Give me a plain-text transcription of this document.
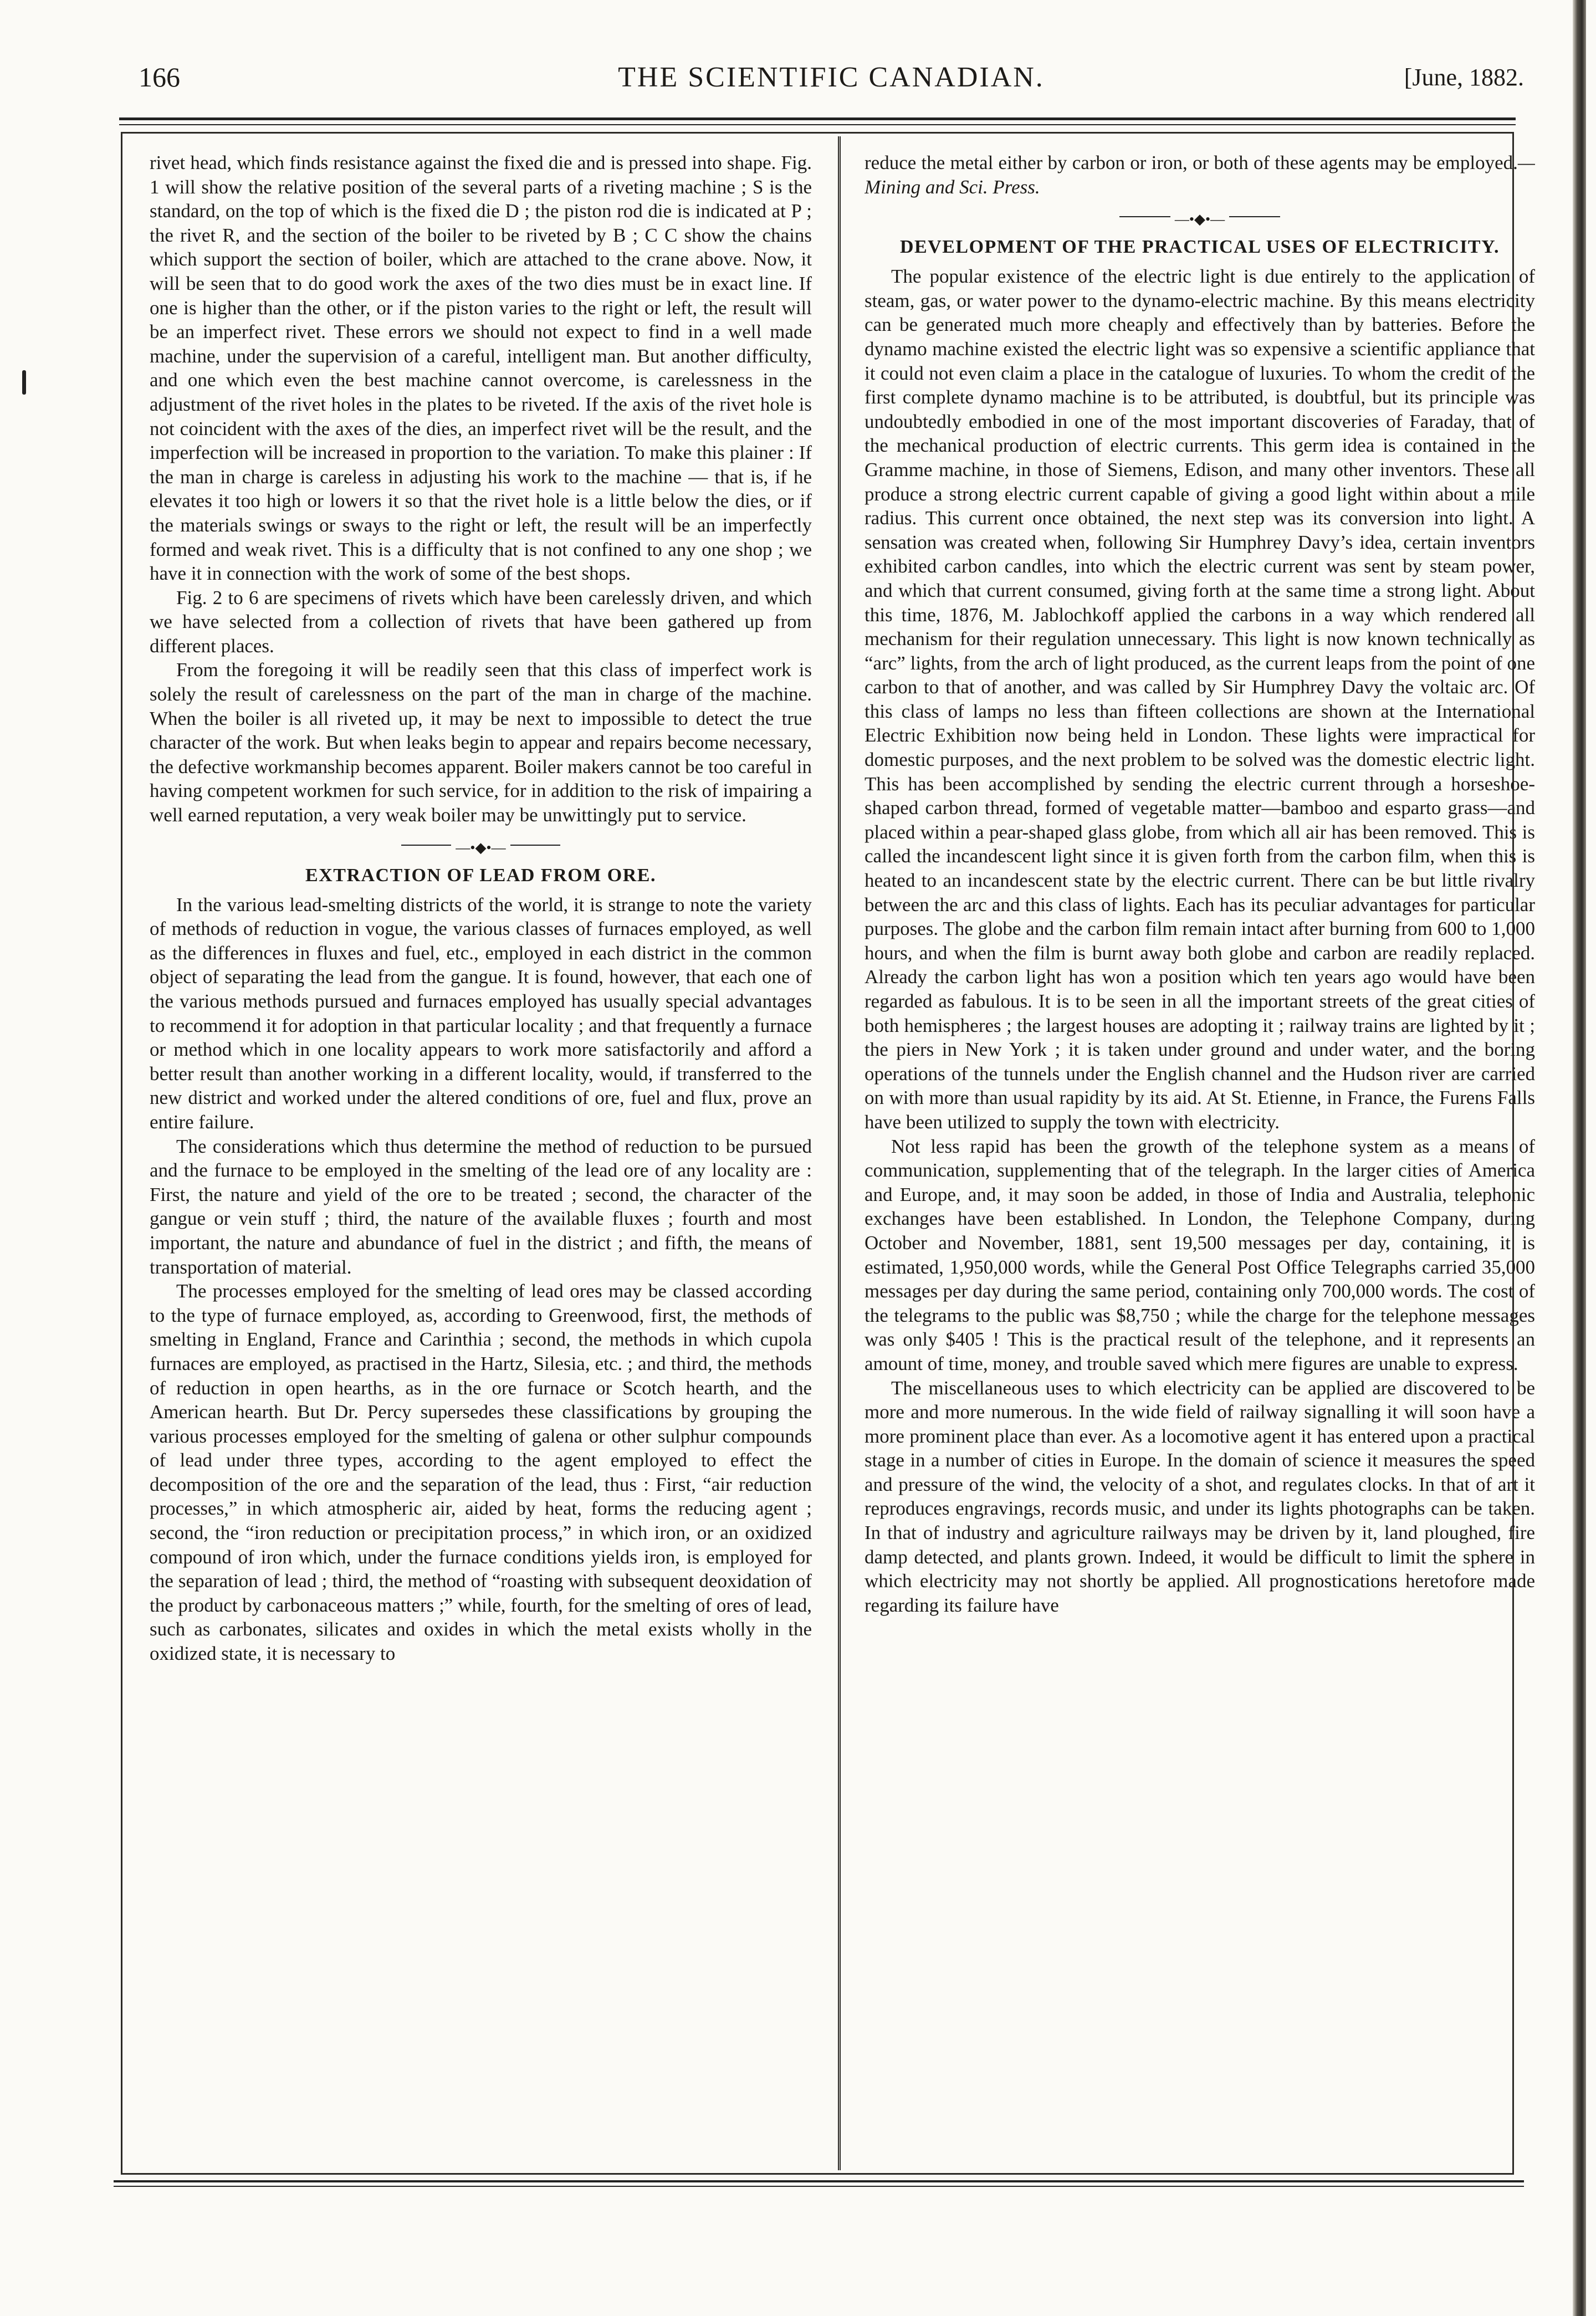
166	THE SCIENTIFIC CANADIAN.	[June, 1882.

rivet head, which finds resistance against the fixed die and is pressed into shape. Fig. 1 will show the relative position of the several parts of a riveting machine ; S is the standard, on the top of which is the fixed die D ; the piston rod die is indicated at P ; the rivet R, and the section of the boiler to be riveted by B ; C C show the chains which support the section of boiler, which are attached to the crane above. Now, it will be seen that to do good work the axes of the two dies must be in exact line. If one is higher than the other, or if the piston varies to the right or left, the result will be an imperfect rivet. These errors we should not expect to find in a well made machine, under the supervision of a careful, intelligent man. But another difficulty, and one which even the best machine cannot overcome, is carelessness in the adjustment of the rivet holes in the plates to be riveted. If the axis of the rivet hole is not coincident with the axes of the dies, an imperfect rivet will be the result, and the imperfection will be increased in proportion to the variation. To make this plainer : If the man in charge is careless in adjusting his work to the machine — that is, if he elevates it too high or lowers it so that the rivet hole is a little below the dies, or if the materials swings or sways to the right or left, the result will be an imperfectly formed and weak rivet. This is a difficulty that is not confined to any one shop ; we have it in connection with the work of some of the best shops.

Fig. 2 to 6 are specimens of rivets which have been carelessly driven, and which we have selected from a collection of rivets that have been gathered up from different places.

From the foregoing it will be readily seen that this class of imperfect work is solely the result of carelessness on the part of the man in charge of the machine. When the boiler is all riveted up, it may be next to impossible to detect the true character of the work. But when leaks begin to appear and repairs become necessary, the defective workmanship becomes apparent. Boiler makers cannot be too careful in having competent workmen for such service, for in addition to the risk of impairing a well earned reputation, a very weak boiler may be unwittingly put to service.

—•◆•—
EXTRACTION OF LEAD FROM ORE.

In the various lead-smelting districts of the world, it is strange to note the variety of methods of reduction in vogue, the various classes of furnaces employed, as well as the differences in fluxes and fuel, etc., employed in each district in the common object of separating the lead from the gangue. It is found, however, that each one of the various methods pursued and furnaces employed has usually special advantages to recommend it for adoption in that particular locality ; and that frequently a furnace or method which in one locality appears to work more satisfactorily and afford a better result than another working in a different locality, would, if transferred to the new district and worked under the altered conditions of ore, fuel and flux, prove an entire failure.

The considerations which thus determine the method of reduction to be pursued and the furnace to be employed in the smelting of the lead ore of any locality are : First, the nature and yield of the ore to be treated ; second, the character of the gangue or vein stuff ; third, the nature of the available fluxes ; fourth and most important, the nature and abundance of fuel in the district ; and fifth, the means of transportation of material.

The processes employed for the smelting of lead ores may be classed according to the type of furnace employed, as, according to Greenwood, first, the methods of smelting in England, France and Carinthia ; second, the methods in which cupola furnaces are employed, as practised in the Hartz, Silesia, etc. ; and third, the methods of reduction in open hearths, as in the ore furnace or Scotch hearth, and the American hearth. But Dr. Percy supersedes these classifications by grouping the various processes employed for the smelting of galena or other sulphur compounds of lead under three types, according to the agent employed to effect the decomposition of the ore and the separation of the lead, thus : First, “air reduction processes,” in which atmospheric air, aided by heat, forms the reducing agent ; second, the “iron reduction or precipitation process,” in which iron, or an oxidized compound of iron which, under the furnace conditions yields iron, is employed for the separation of lead ; third, the method of “roasting with subsequent deoxidation of the product by carbonaceous matters ;” while, fourth, for the smelting of ores of lead, such as carbonates, silicates and oxides in which the metal exists wholly in the oxidized state, it is necessary to

reduce the metal either by carbon or iron, or both of these agents may be employed.—Mining and Sci. Press.

—•◆•—
DEVELOPMENT OF THE PRACTICAL USES OF ELECTRICITY.

The popular existence of the electric light is due entirely to the application of steam, gas, or water power to the dynamo-electric machine. By this means electricity can be generated much more cheaply and effectively than by batteries. Before the dynamo machine existed the electric light was so expensive a scientific appliance that it could not even claim a place in the catalogue of luxuries. To whom the credit of the first complete dynamo machine is to be attributed, is doubtful, but its principle was undoubtedly embodied in one of the most important discoveries of Faraday, that of the mechanical production of electric currents. This germ idea is contained in the Gramme machine, in those of Siemens, Edison, and many other inventors. These all produce a strong electric current capable of giving a good light within about a mile radius. This current once obtained, the next step was its conversion into light. A sensation was created when, following Sir Humphrey Davy’s idea, certain inventors exhibited carbon candles, into which the electric current was sent by steam power, and which that current consumed, giving forth at the same time a strong light. About this time, 1876, M. Jablochkoff applied the carbons in a way which rendered all mechanism for their regulation unnecessary. This light is now known technically as “arc” lights, from the arch of light produced, as the current leaps from the point of one carbon to that of another, and was called by Sir Humphrey Davy the voltaic arc. Of this class of lamps no less than fifteen collections are shown at the International Electric Exhibition now being held in London. These lights were impractical for domestic purposes, and the next problem to be solved was the domestic electric light. This has been accomplished by sending the electric current through a horseshoe-shaped carbon thread, formed of vegetable matter—bamboo and esparto grass—and placed within a pear-shaped glass globe, from which all air has been removed. This is called the incandescent light since it is given forth from the carbon film, when this is heated to an incandescent state by the electric current. There can be but little rivalry between the arc and this class of lights. Each has its peculiar advantages for particular purposes. The globe and the carbon film remain intact after burning from 600 to 1,000 hours, and when the film is burnt away both globe and carbon are readily replaced. Already the carbon light has won a position which ten years ago would have been regarded as fabulous. It is to be seen in all the important streets of the great cities of both hemispheres ; the largest houses are adopting it ; railway trains are lighted by it ; the piers in New York ; it is taken under ground and under water, and the boring operations of the tunnels under the English channel and the Hudson river are carried on with more than usual rapidity by its aid. At St. Etienne, in France, the Furens Falls have been utilized to supply the town with electricity.

Not less rapid has been the growth of the telephone system as a means of communication, supplementing that of the telegraph. In the larger cities of America and Europe, and, it may soon be added, in those of India and Australia, telephonic exchanges have been established. In London, the Telephone Company, during October and November, 1881, sent 19,500 messages per day, containing, it is estimated, 1,950,000 words, while the General Post Office Telegraphs carried 35,000 messages per day during the same period, containing only 700,000 words. The cost of the telegrams to the public was $8,750 ; while the charge for the telephone messages was only $405 ! This is the practical result of the telephone, and it represents an amount of time, money, and trouble saved which mere figures are unable to express.

The miscellaneous uses to which electricity can be applied are discovered to be more and more numerous. In the wide field of railway signalling it will soon have a more prominent place than ever. As a locomotive agent it has entered upon a practical stage in a number of cities in Europe. In the domain of science it measures the speed and pressure of the wind, the velocity of a shot, and regulates clocks. In that of art it reproduces engravings, records music, and under its lights photographs can be taken. In that of industry and agriculture railways may be driven by it, land ploughed, fire damp detected, and plants grown. Indeed, it would be difficult to limit the sphere in which electricity may not shortly be applied. All prognostications heretofore made regarding its failure have
